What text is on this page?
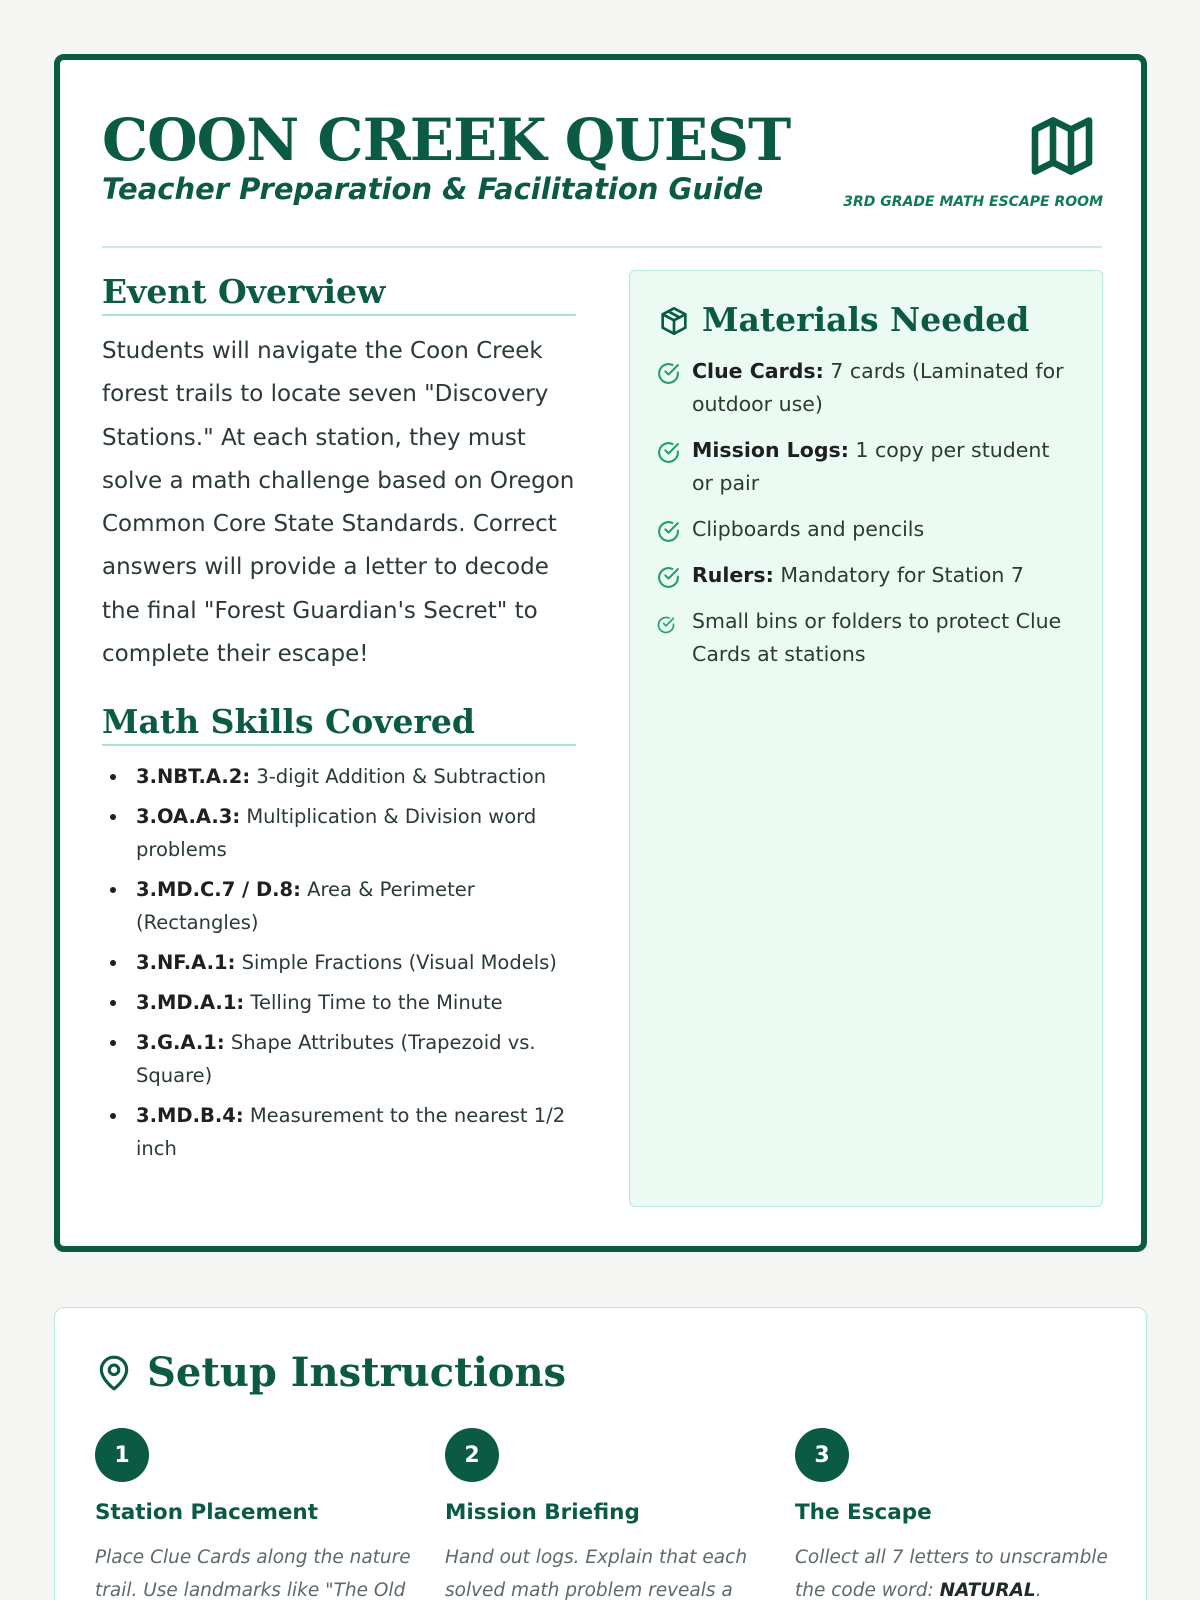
COON CREEK QUEST
Teacher Preparation & Facilitation Guide	3RD GRADE MATH ESCAPE ROOM
Event Overview

Students will navigate the Coon Creek forest trails to locate seven "Discovery Stations." At each station, they must solve a math challenge based on Oregon Common Core State Standards. Correct answers will provide a letter to decode the final "Forest Guardian's Secret" to complete their escape!

Math Skills Covered
3.NBT.A.2: 3-digit Addition & Subtraction
3.OA.A.3: Multiplication & Division word problems
3.MD.C.7 / D.8: Area & Perimeter (Rectangles)
3.NF.A.1: Simple Fractions (Visual Models)
3.MD.A.1: Telling Time to the Minute
3.G.A.1: Shape Attributes (Trapezoid vs. Square)
3.MD.B.4: Measurement to the nearest 1/2 inch
Materials Needed
Clue Cards: 7 cards (Laminated for outdoor use)
Mission Logs: 1 copy per student or pair
Clipboards and pencils
Rulers: Mandatory for Station 7
Small bins or folders to protect Clue Cards at stations
Setup Instructions
1
Station Placement

Place Clue Cards along the nature trail. Use landmarks like "The Old

2
Mission Briefing

Hand out logs. Explain that each solved math problem reveals a

3
The Escape

Collect all 7 letters to unscramble the code word: NATURAL.
